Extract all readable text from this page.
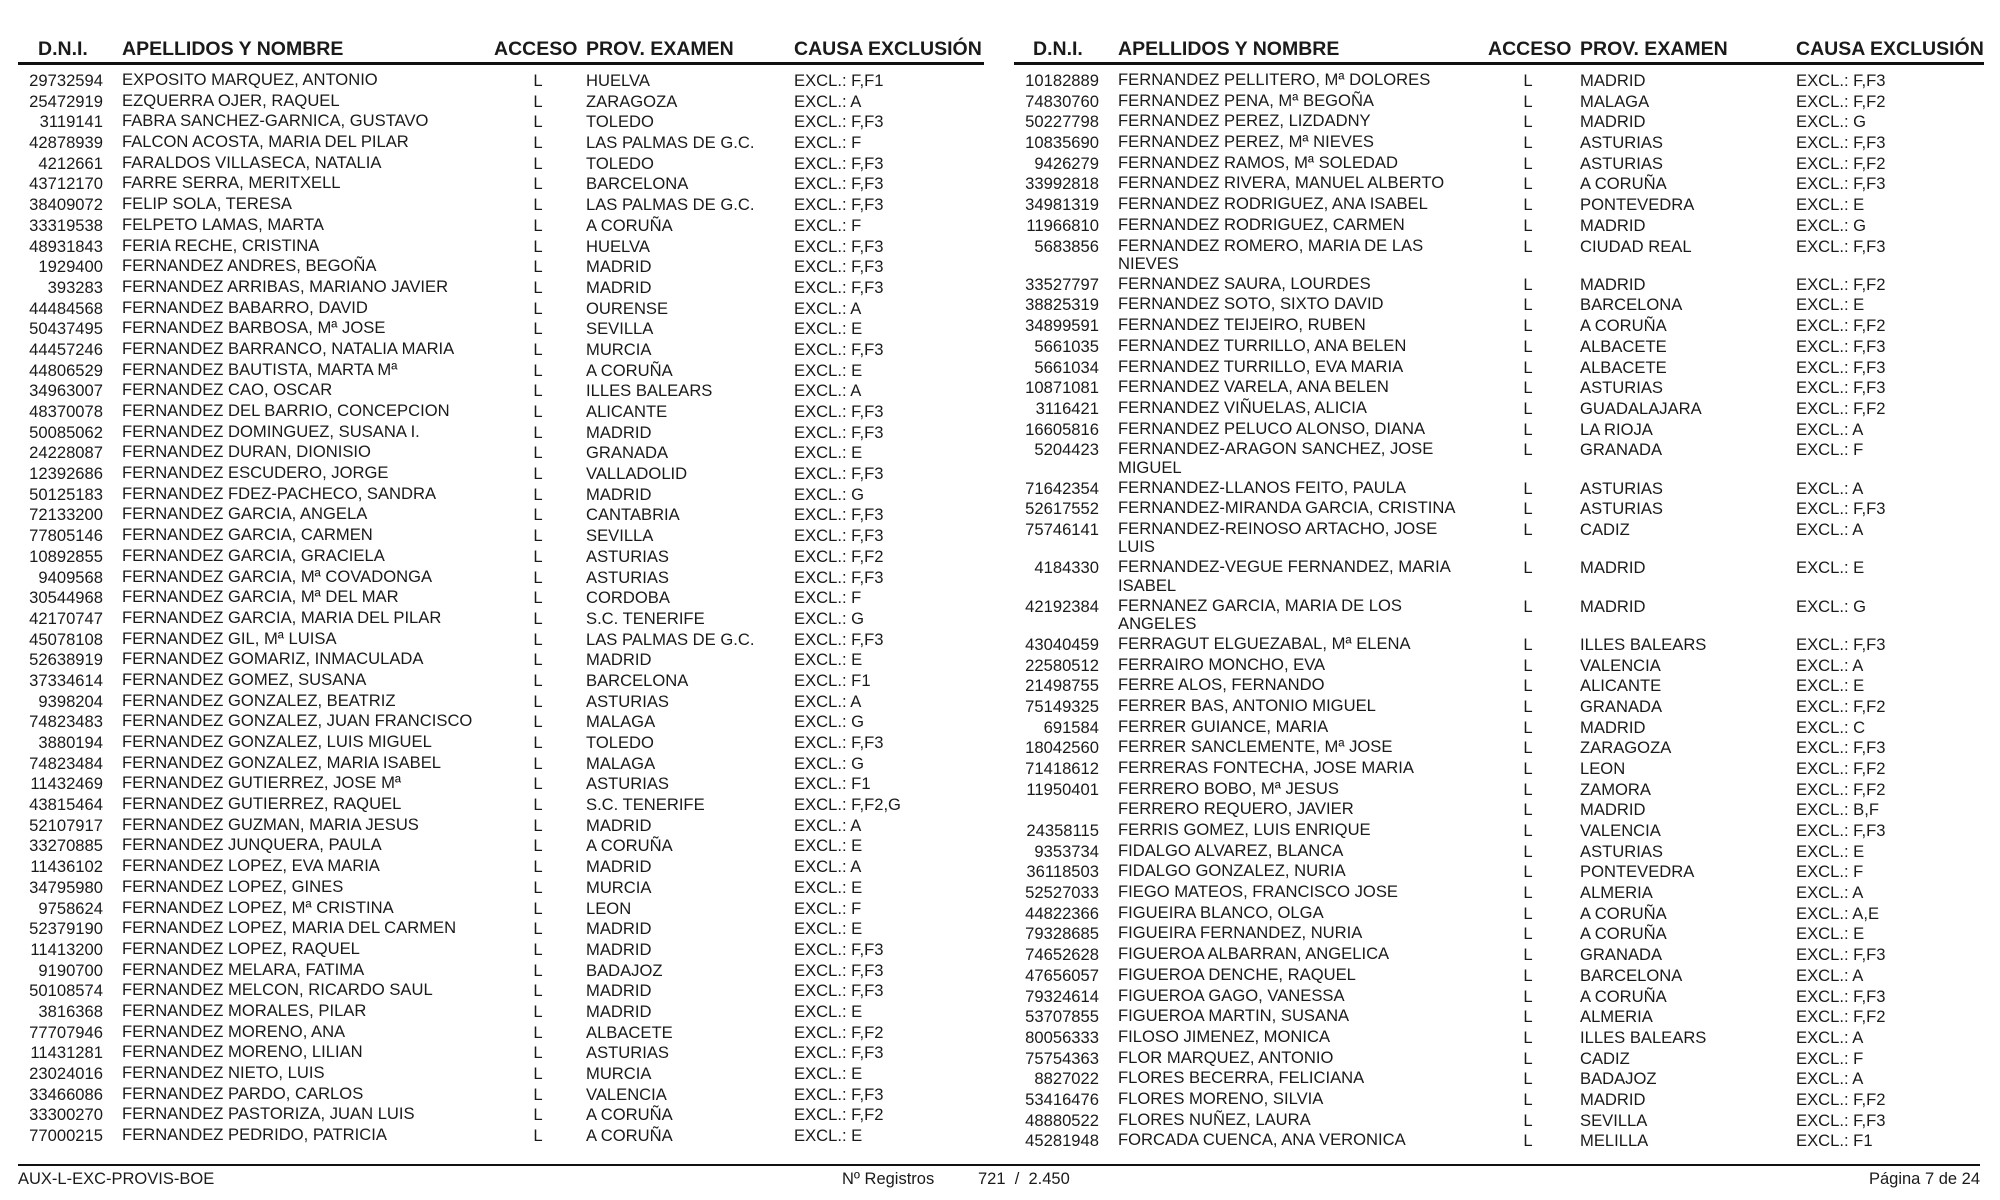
D.N.I. APELLIDOS Y NOMBRE	ACCESO PROV. EXAMEN	CAUSA EXCLUSIÓN
29732594 EXPOSITO MARQUEZ, ANTONIO	L	HUELVA	EXCL.: F,F1
25472919 EZQUERRA OJER, RAQUEL	L	ZARAGOZA	EXCL.: A
3119141 FABRA SANCHEZ-GARNICA, GUSTAVO	L	TOLEDO	EXCL.: F,F3
42878939 FALCON ACOSTA, MARIA DEL PILAR	L	LAS PALMAS DE G.C. EXCL.: F
4212661 FARALDOS VILLASECA, NATALIA	L	TOLEDO	EXCL.: F,F3
43712170 FARRE SERRA, MERITXELL	L	BARCELONA	EXCL.: F,F3
38409072 FELIP SOLA, TERESA	L	LAS PALMAS DE G.C. EXCL.: F,F3
33319538 FELPETO LAMAS, MARTA	L	A CORUÑA	EXCL.: F
48931843 FERIA RECHE, CRISTINA	L	HUELVA	EXCL.: F,F3
1929400 FERNANDEZ ANDRES, BEGOÑA	L	MADRID	EXCL.: F,F3
393283 FERNANDEZ ARRIBAS, MARIANO JAVIER	L	MADRID	EXCL.: F,F3
44484568 FERNANDEZ BABARRO, DAVID	L	OURENSE	EXCL.: A
50437495 FERNANDEZ BARBOSA, Mª JOSE	L	SEVILLA	EXCL.: E
44457246 FERNANDEZ BARRANCO, NATALIA MARIA	L	MURCIA	EXCL.: F,F3
44806529 FERNANDEZ BAUTISTA, MARTA Mª	L	A CORUÑA	EXCL.: E
34963007 FERNANDEZ CAO, OSCAR	L	ILLES BALEARS	EXCL.: A
48370078 FERNANDEZ DEL BARRIO, CONCEPCION	L	ALICANTE	EXCL.: F,F3
50085062 FERNANDEZ DOMINGUEZ, SUSANA I.	L	MADRID	EXCL.: F,F3
24228087 FERNANDEZ DURAN, DIONISIO	L	GRANADA	EXCL.: E
12392686 FERNANDEZ ESCUDERO, JORGE	L	VALLADOLID	EXCL.: F,F3
50125183 FERNANDEZ FDEZ-PACHECO, SANDRA	L	MADRID	EXCL.: G
72133200 FERNANDEZ GARCIA, ANGELA	L	CANTABRIA	EXCL.: F,F3
77805146 FERNANDEZ GARCIA, CARMEN	L	SEVILLA	EXCL.: F,F3
10892855 FERNANDEZ GARCIA, GRACIELA	L	ASTURIAS	EXCL.: F,F2
9409568 FERNANDEZ GARCIA, Mª COVADONGA	L	ASTURIAS	EXCL.: F,F3
30544968 FERNANDEZ GARCIA, Mª DEL MAR	L	CORDOBA	EXCL.: F
42170747 FERNANDEZ GARCIA, MARIA DEL PILAR	L	S.C. TENERIFE	EXCL.: G
45078108 FERNANDEZ GIL, Mª LUISA	L	LAS PALMAS DE G.C. EXCL.: F,F3
52638919 FERNANDEZ GOMARIZ, INMACULADA	L	MADRID	EXCL.: E
37334614 FERNANDEZ GOMEZ, SUSANA	L	BARCELONA	EXCL.: F1
9398204 FERNANDEZ GONZALEZ, BEATRIZ	L	ASTURIAS	EXCL.: A
74823483 FERNANDEZ GONZALEZ, JUAN FRANCISCO	L	MALAGA	EXCL.: G
3880194 FERNANDEZ GONZALEZ, LUIS MIGUEL	L	TOLEDO	EXCL.: F,F3
74823484 FERNANDEZ GONZALEZ, MARIA ISABEL	L	MALAGA	EXCL.: G
11432469 FERNANDEZ GUTIERREZ, JOSE Mª	L	ASTURIAS	EXCL.: F1
43815464 FERNANDEZ GUTIERREZ, RAQUEL	L	S.C. TENERIFE	EXCL.: F,F2,G
52107917 FERNANDEZ GUZMAN, MARIA JESUS	L	MADRID	EXCL.: A
33270885 FERNANDEZ JUNQUERA, PAULA	L	A CORUÑA	EXCL.: E
11436102 FERNANDEZ LOPEZ, EVA MARIA	L	MADRID	EXCL.: A
34795980 FERNANDEZ LOPEZ, GINES	L	MURCIA	EXCL.: E
9758624 FERNANDEZ LOPEZ, Mª CRISTINA	L	LEON	EXCL.: F
52379190 FERNANDEZ LOPEZ, MARIA DEL CARMEN	L	MADRID	EXCL.: E
11413200 FERNANDEZ LOPEZ, RAQUEL	L	MADRID	EXCL.: F,F3
9190700 FERNANDEZ MELARA, FATIMA	L	BADAJOZ	EXCL.: F,F3
50108574 FERNANDEZ MELCON, RICARDO SAUL	L	MADRID	EXCL.: F,F3
3816368 FERNANDEZ MORALES, PILAR	L	MADRID	EXCL.: E
77707946 FERNANDEZ MORENO, ANA	L	ALBACETE	EXCL.: F,F2
11431281 FERNANDEZ MORENO, LILIAN	L	ASTURIAS	EXCL.: F,F3
23024016 FERNANDEZ NIETO, LUIS	L	MURCIA	EXCL.: E
33466086 FERNANDEZ PARDO, CARLOS	L	VALENCIA	EXCL.: F,F3
33300270 FERNANDEZ PASTORIZA, JUAN LUIS	L	A CORUÑA	EXCL.: F,F2
77000215 FERNANDEZ PEDRIDO, PATRICIA	L	A CORUÑA	EXCL.: E
D.N.I. APELLIDOS Y NOMBRE	ACCESO PROV. EXAMEN	CAUSA EXCLUSIÓN
10182889 FERNANDEZ PELLITERO, Mª DOLORES	L	MADRID	EXCL.: F,F3
74830760 FERNANDEZ PENA, Mª BEGOÑA	L	MALAGA	EXCL.: F,F2
50227798 FERNANDEZ PEREZ, LIZDADNY	L	MADRID	EXCL.: G
10835690 FERNANDEZ PEREZ, Mª NIEVES	L	ASTURIAS	EXCL.: F,F3
9426279 FERNANDEZ RAMOS, Mª SOLEDAD	L	ASTURIAS	EXCL.: F,F2
33992818 FERNANDEZ RIVERA, MANUEL ALBERTO	L	A CORUÑA	EXCL.: F,F3
34981319 FERNANDEZ RODRIGUEZ, ANA ISABEL	L	PONTEVEDRA	EXCL.: E
11966810 FERNANDEZ RODRIGUEZ, CARMEN	L	MADRID	EXCL.: G
5683856 FERNANDEZ ROMERO, MARIA DE LAS NIEVES
L	CIUDAD REAL	EXCL.: F,F3
33527797 FERNANDEZ SAURA, LOURDES	L	MADRID	EXCL.: F,F2
38825319 FERNANDEZ SOTO, SIXTO DAVID	L	BARCELONA	EXCL.: E
34899591 FERNANDEZ TEIJEIRO, RUBEN	L	A CORUÑA	EXCL.: F,F2
5661035 FERNANDEZ TURRILLO, ANA BELEN	L	ALBACETE	EXCL.: F,F3
5661034 FERNANDEZ TURRILLO, EVA MARIA	L	ALBACETE	EXCL.: F,F3
10871081 FERNANDEZ VARELA, ANA BELEN	L	ASTURIAS	EXCL.: F,F3
3116421 FERNANDEZ VIÑUELAS, ALICIA	L	GUADALAJARA	EXCL.: F,F2
16605816 FERNANDEZ PELUCO ALONSO, DIANA	L	LA RIOJA	EXCL.: A
5204423 FERNANDEZ-ARAGON SANCHEZ, JOSE MIGUEL
L	GRANADA	EXCL.: F
71642354 FERNANDEZ-LLANOS FEITO, PAULA	L	ASTURIAS	EXCL.: A
52617552 FERNANDEZ-MIRANDA GARCIA, CRISTINA	L	ASTURIAS	EXCL.: F,F3
75746141 FERNANDEZ-REINOSO ARTACHO, JOSE LUIS
L	CADIZ	EXCL.: A
4184330 FERNANDEZ-VEGUE FERNANDEZ, MARIA ISABEL
L	MADRID	EXCL.: E
42192384 FERNANEZ GARCIA, MARIA DE LOS ANGELES
L	MADRID	EXCL.: G
43040459 FERRAGUT ELGUEZABAL, Mª ELENA	L	ILLES BALEARS	EXCL.: F,F3
22580512 FERRAIRO MONCHO, EVA	L	VALENCIA	EXCL.: A
21498755 FERRE ALOS, FERNANDO	L	ALICANTE	EXCL.: E
75149325 FERRER BAS, ANTONIO MIGUEL	L	GRANADA	EXCL.: F,F2
691584 FERRER GUIANCE, MARIA	L	MADRID	EXCL.: C
18042560 FERRER SANCLEMENTE, Mª JOSE	L	ZARAGOZA	EXCL.: F,F3
71418612 FERRERAS FONTECHA, JOSE MARIA	L	LEON	EXCL.: F,F2
11950401 FERRERO BOBO, Mª JESUS	L	ZAMORA	EXCL.: F,F2
FERRERO REQUERO, JAVIER	L	MADRID	EXCL.: B,F
24358115 FERRIS GOMEZ, LUIS ENRIQUE	L	VALENCIA	EXCL.: F,F3
9353734 FIDALGO ALVAREZ, BLANCA	L	ASTURIAS	EXCL.: E
36118503 FIDALGO GONZALEZ, NURIA	L	PONTEVEDRA	EXCL.: F
52527033 FIEGO MATEOS, FRANCISCO JOSE	L	ALMERIA	EXCL.: A
44822366 FIGUEIRA BLANCO, OLGA	L	A CORUÑA	EXCL.: A,E
79328685 FIGUEIRA FERNANDEZ, NURIA	L	A CORUÑA	EXCL.: E
74652628 FIGUEROA ALBARRAN, ANGELICA	L	GRANADA	EXCL.: F,F3
47656057 FIGUEROA DENCHE, RAQUEL	L	BARCELONA	EXCL.: A
79324614 FIGUEROA GAGO, VANESSA	L	A CORUÑA	EXCL.: F,F3
53707855 FIGUEROA MARTIN, SUSANA	L	ALMERIA	EXCL.: F,F2
80056333 FILOSO JIMENEZ, MONICA	L	ILLES BALEARS	EXCL.: A
75754363 FLOR MARQUEZ, ANTONIO	L	CADIZ	EXCL.: F
8827022 FLORES BECERRA, FELICIANA	L	BADAJOZ	EXCL.: A
53416476 FLORES MORENO, SILVIA	L	MADRID	EXCL.: F,F2
48880522 FLORES NUÑEZ, LAURA	L	SEVILLA	EXCL.: F,F3
45281948 FORCADA CUENCA, ANA VERONICA	L	MELILLA	EXCL.: F1
AUX-L-EXC-PROVIS-BOE	Nº Registros	721  /  2.450	Página 7 de 24
